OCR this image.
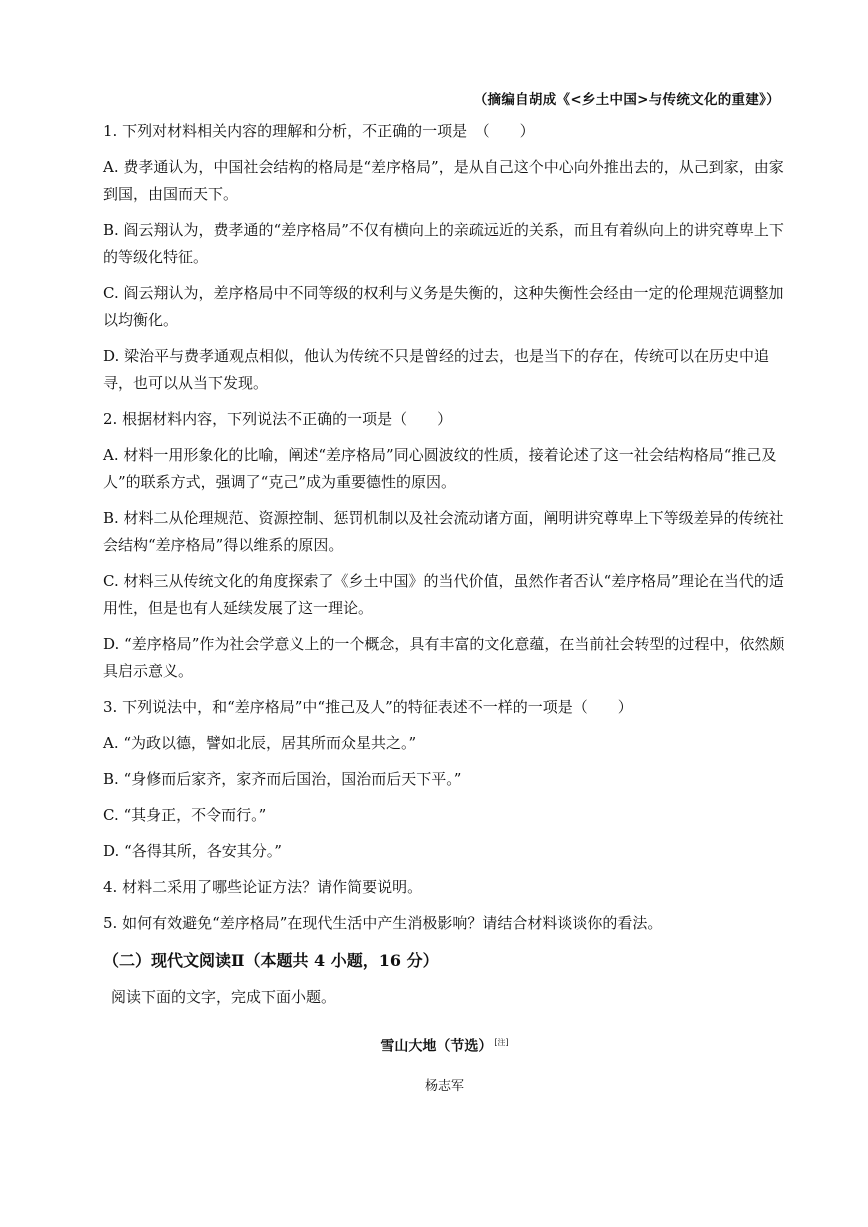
（摘编自胡成《<乡土中国>与传统文化的重建》）

1. 下列对材料相关内容的理解和分析，不正确的一项是　（　　）

A. 费孝通认为，中国社会结构的格局是“差序格局”，是从自己这个中心向外推出去的，从己到家，由家到国，由国而天下。

B. 阎云翔认为，费孝通的“差序格局”不仅有横向上的亲疏远近的关系，而且有着纵向上的讲究尊卑上下的等级化特征。

C. 阎云翔认为，差序格局中不同等级的权利与义务是失衡的，这种失衡性会经由一定的伦理规范调整加以均衡化。

D. 梁治平与费孝通观点相似，他认为传统不只是曾经的过去，也是当下的存在，传统可以在历史中追寻，也可以从当下发现。

2. 根据材料内容，下列说法不正确的一项是（　　）

A. 材料一用形象化的比喻，阐述“差序格局”同心圆波纹的性质，接着论述了这一社会结构格局“推己及人”的联系方式，强调了“克己”成为重要德性的原因。

B. 材料二从伦理规范、资源控制、惩罚机制以及社会流动诸方面，阐明讲究尊卑上下等级差异的传统社会结构“差序格局”得以维系的原因。

C. 材料三从传统文化的角度探索了《乡土中国》的当代价值，虽然作者否认“差序格局”理论在当代的适用性，但是也有人延续发展了这一理论。

D. “差序格局”作为社会学意义上的一个概念，具有丰富的文化意蕴，在当前社会转型的过程中，依然颇具启示意义。

3. 下列说法中，和“差序格局”中“推己及人”的特征表述不一样的一项是（　　）

A. “为政以德，譬如北辰，居其所而众星共之。”

B. “身修而后家齐，家齐而后国治，国治而后天下平。”

C. “其身正，不令而行。”

D. “各得其所，各安其分。”

4. 材料二采用了哪些论证方法？请作简要说明。

5. 如何有效避免“差序格局”在现代生活中产生消极影响？请结合材料谈谈你的看法。

（二）现代文阅读Ⅱ（本题共 4 小题，16 分）

阅读下面的文字，完成下面小题。

雪山大地（节选） [注]

杨志军
